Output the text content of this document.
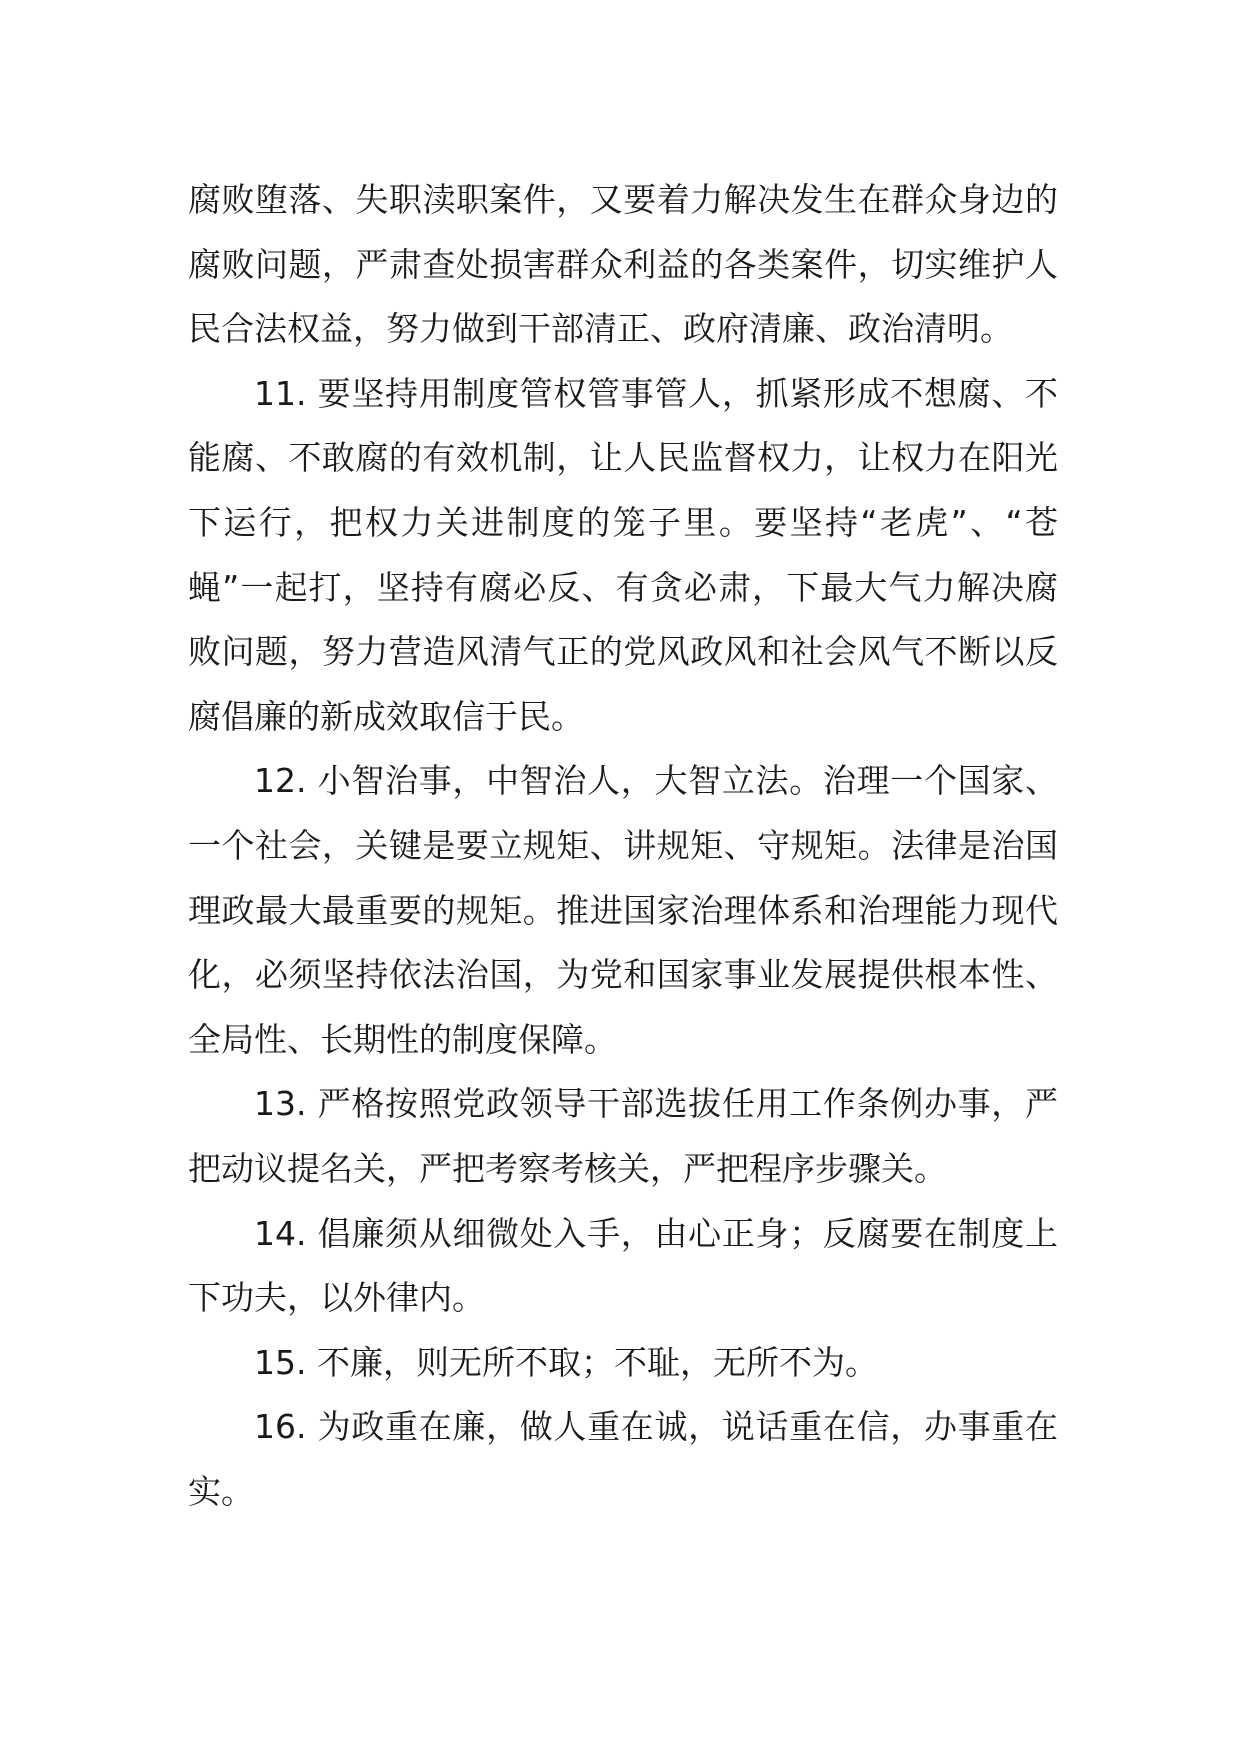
腐败堕落、失职渎职案件，又要着力解决发生在群众身边的腐败问题，严肃查处损害群众利益的各类案件，切实维护人民合法权益，努力做到干部清正、政府清廉、政治清明。

11. 要坚持用制度管权管事管人，抓紧形成不想腐、不能腐、不敢腐的有效机制，让人民监督权力，让权力在阳光下运行，把权力关进制度的笼子里。要坚持“老虎”、“苍蝇”一起打，坚持有腐必反、有贪必肃，下最大气力解决腐败问题，努力营造风清气正的党风政风和社会风气不断以反腐倡廉的新成效取信于民。

12. 小智治事，中智治人，大智立法。治理一个国家、一个社会，关键是要立规矩、讲规矩、守规矩。法律是治国理政最大最重要的规矩。推进国家治理体系和治理能力现代化，必须坚持依法治国，为党和国家事业发展提供根本性、全局性、长期性的制度保障。

13. 严格按照党政领导干部选拔任用工作条例办事，严把动议提名关，严把考察考核关，严把程序步骤关。

14. 倡廉须从细微处入手，由心正身；反腐要在制度上下功夫，以外律内。

15. 不廉，则无所不取；不耻，无所不为。

16. 为政重在廉，做人重在诚，说话重在信，办事重在实。
